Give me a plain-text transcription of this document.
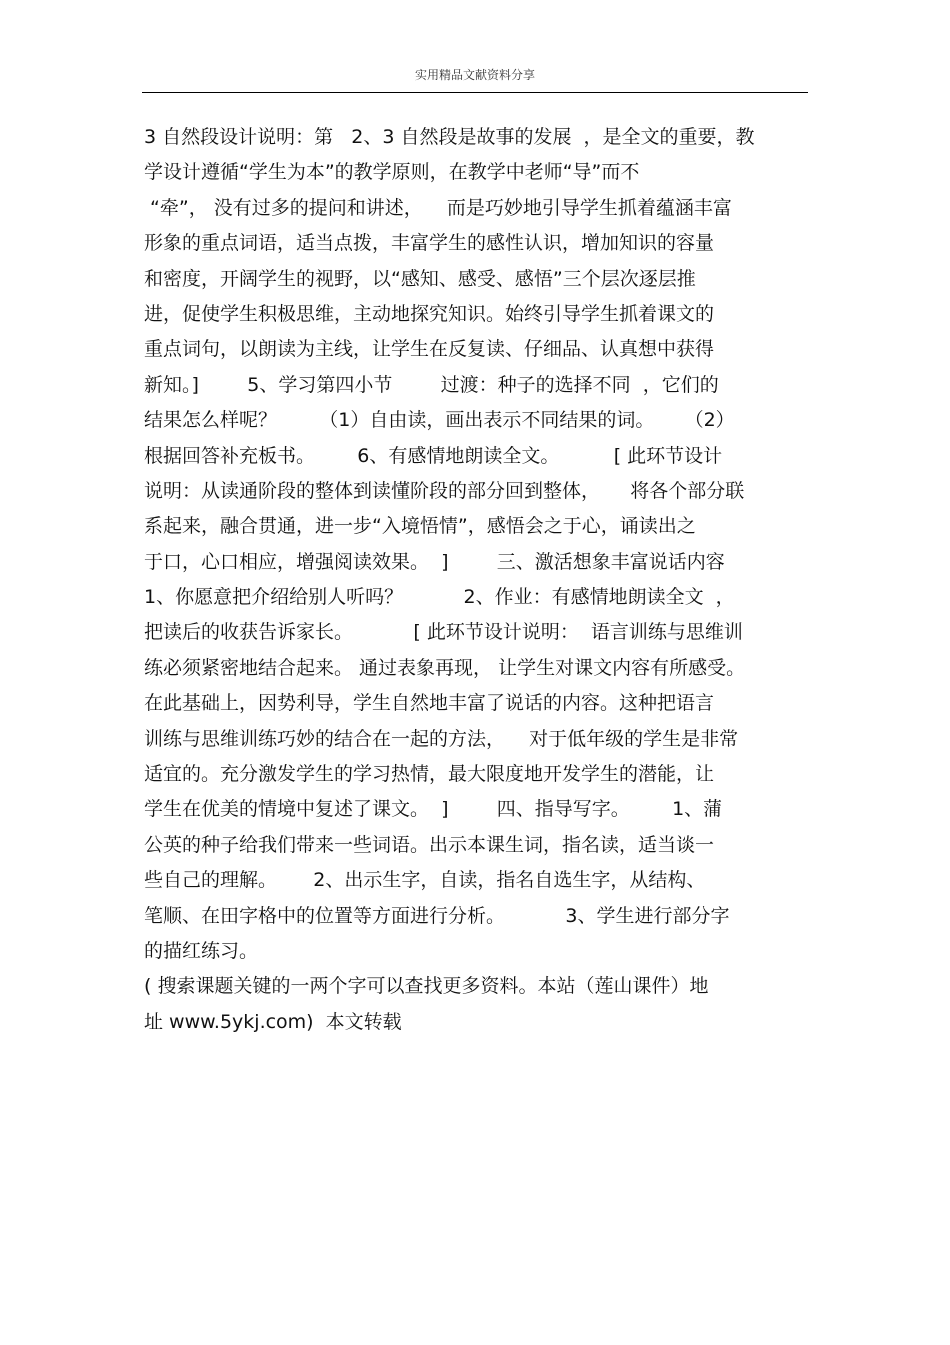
实用精品文献资料分享
3 自然段设计说明：第   2、3 自然段是故事的发展  ，是全文的重要，教
学设计遵循“学生为本”的教学原则，在教学中老师“导”而不
“牵”， 没有过多的提问和讲述，    而是巧妙地引导学生抓着蕴涵丰富
形象的重点词语，适当点拨，丰富学生的感性认识，增加知识的容量
和密度，开阔学生的视野，以“感知、感受、感悟”三个层次逐层推
进，促使学生积极思维，主动地探究知识。始终引导学生抓着课文的
重点词句，以朗读为主线，让学生在反复读、仔细品、认真想中获得
新知。]        5、学习第四小节        过渡：种子的选择不同  ，它们的
结果怎么样呢？       （1）自由读，画出表示不同结果的词。     （2）
根据回答补充板书。       6、有感情地朗读全文。         [ 此环节设计
说明：从读通阶段的整体到读懂阶段的部分回到整体，     将各个部分联
系起来，融合贯通，进一步“入境悟情”，感悟会之于心，诵读出之
于口，心口相应，增强阅读效果。  ]        三、激活想象丰富说话内容
1、你愿意把介绍给别人听吗？          2、作业：有感情地朗读全文  ，
把读后的收获告诉家长。          [ 此环节设计说明：  语言训练与思维训
练必须紧密地结合起来。 通过表象再现， 让学生对课文内容有所感受。
在此基础上，因势利导，学生自然地丰富了说话的内容。这种把语言
训练与思维训练巧妙的结合在一起的方法，    对于低年级的学生是非常
适宜的。充分激发学生的学习热情，最大限度地开发学生的潜能，让
学生在优美的情境中复述了课文。  ]        四、指导写字。       1、蒲
公英的种子给我们带来一些词语。出示本课生词，指名读，适当谈一
些自己的理解。      2、出示生字，自读，指名自选生字，从结构、
笔顺、在田字格中的位置等方面进行分析。          3、学生进行部分字
的描红练习。
( 搜索课题关键的一两个字可以查找更多资料。本站（莲山课件）地
址 www.5ykj.com)  本文转载
